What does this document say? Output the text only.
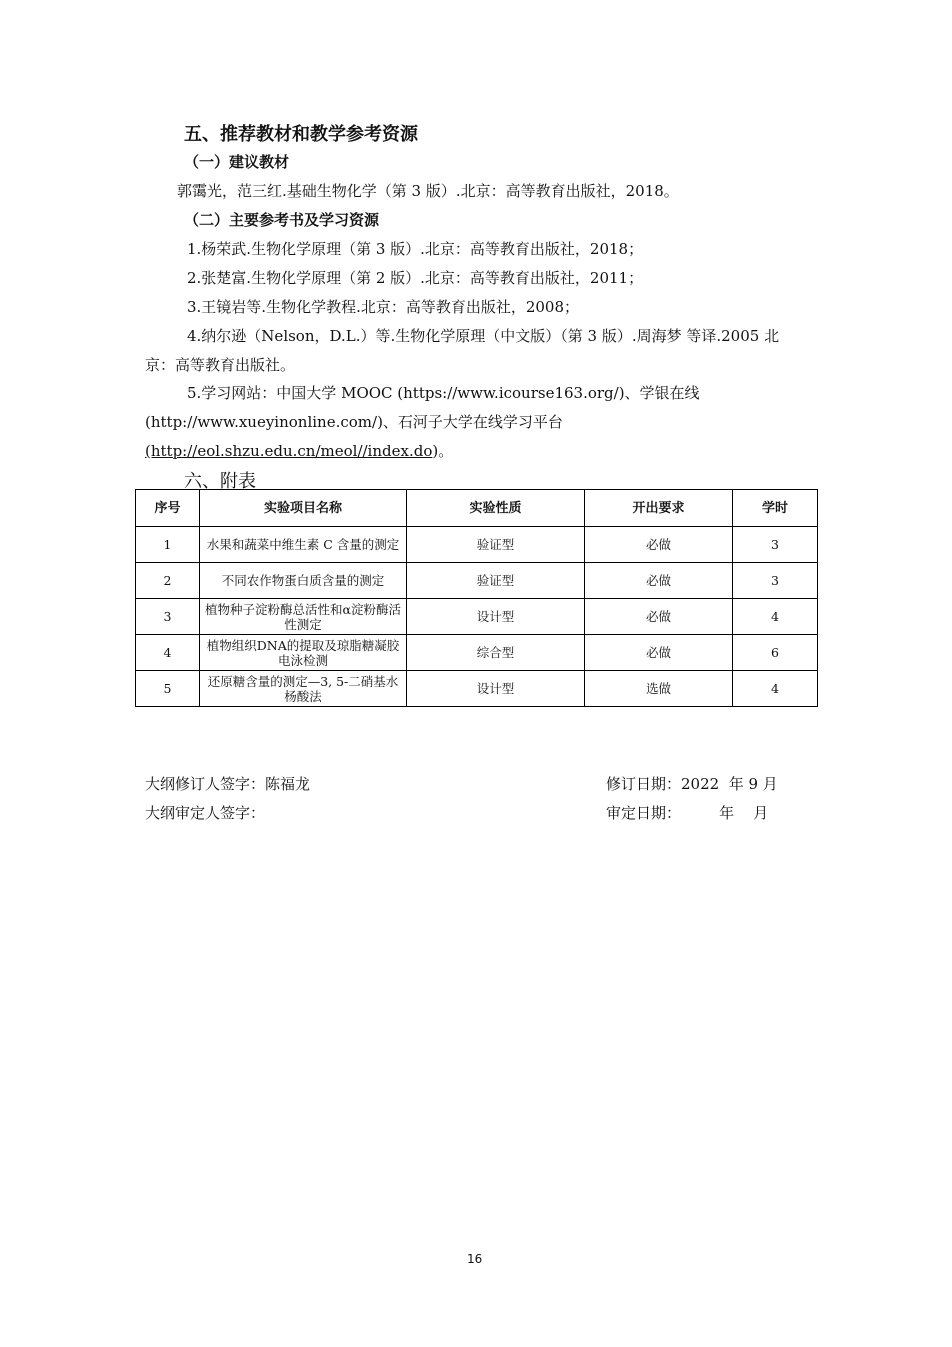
五、推荐教材和教学参考资源
（一）建议教材
郭霭光，范三红.基础生物化学（第 3 版）.北京：高等教育出版社，2018。
（二）主要参考书及学习资源
1.杨荣武.生物化学原理（第 3 版）.北京：高等教育出版社，2018；
2.张楚富.生物化学原理（第 2 版）.北京：高等教育出版社，2011；
3.王镜岩等.生物化学教程.北京：高等教育出版社，2008；
4.纳尔逊（Nelson，D.L.）等.生物化学原理（中文版）（第 3 版）.周海梦 等译.2005 北
京：高等教育出版社。
5.学习网站：中国大学 MOOC (https://www.icourse163.org/)、学银在线
(http://www.xueyinonline.com/)、石河子大学在线学习平台
(http://eol.shzu.edu.cn/meol//index.do)。
六、附表
序号	实验项目名称	实验性质	开出要求	学时
1	水果和蔬菜中维生素 C 含量的测定	验证型	必做	3
2	不同农作物蛋白质含量的测定	验证型	必做	3
3	植物种子淀粉酶总活性和α淀粉酶活性测定	设计型	必做	4
4	植物组织DNA的提取及琼脂糖凝胶电泳检测	综合型	必做	6
5	还原糖含量的测定—3, 5-二硝基水杨酸法	设计型	选做	4
大纲修订人签字：陈福龙	修订日期：2022  年 9 月
大纲审定人签字：	审定日期：        年    月
16
